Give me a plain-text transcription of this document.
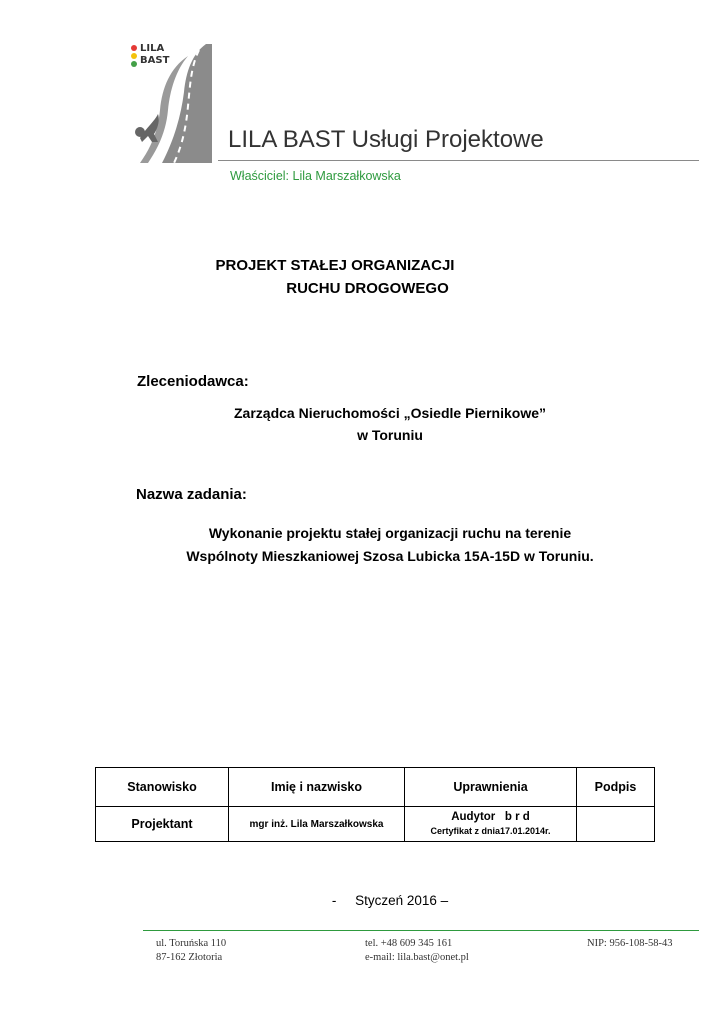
LILA
BAST
LILA BAST Usługi Projektowe
Właściciel: Lila Marszałkowska
PROJEKT STAŁEJ ORGANIZACJI
RUCHU DROGOWEGO
Zleceniodawca:
Zarządca Nieruchomości „Osiedle Piernikowe”
w Toruniu
Nazwa zadania:
Wykonanie projektu stałej organizacji ruchu na terenie
Wspólnoty Mieszkaniowej Szosa Lubicka 15A-15D w Toruniu.
Stanowisko	Imię i nazwisko	Uprawnienia	Podpis
Projektant	mgr inż. Lila Marszałkowska	Audytor   b r d
Certyfikat z dnia17.01.2014r.	

-     Styczeń 2016 –
ul. Toruńska 110
87-162 Złotoria
tel. +48 609 345 161
e-mail: lila.bast@onet.pl
NIP: 956-108-58-43
